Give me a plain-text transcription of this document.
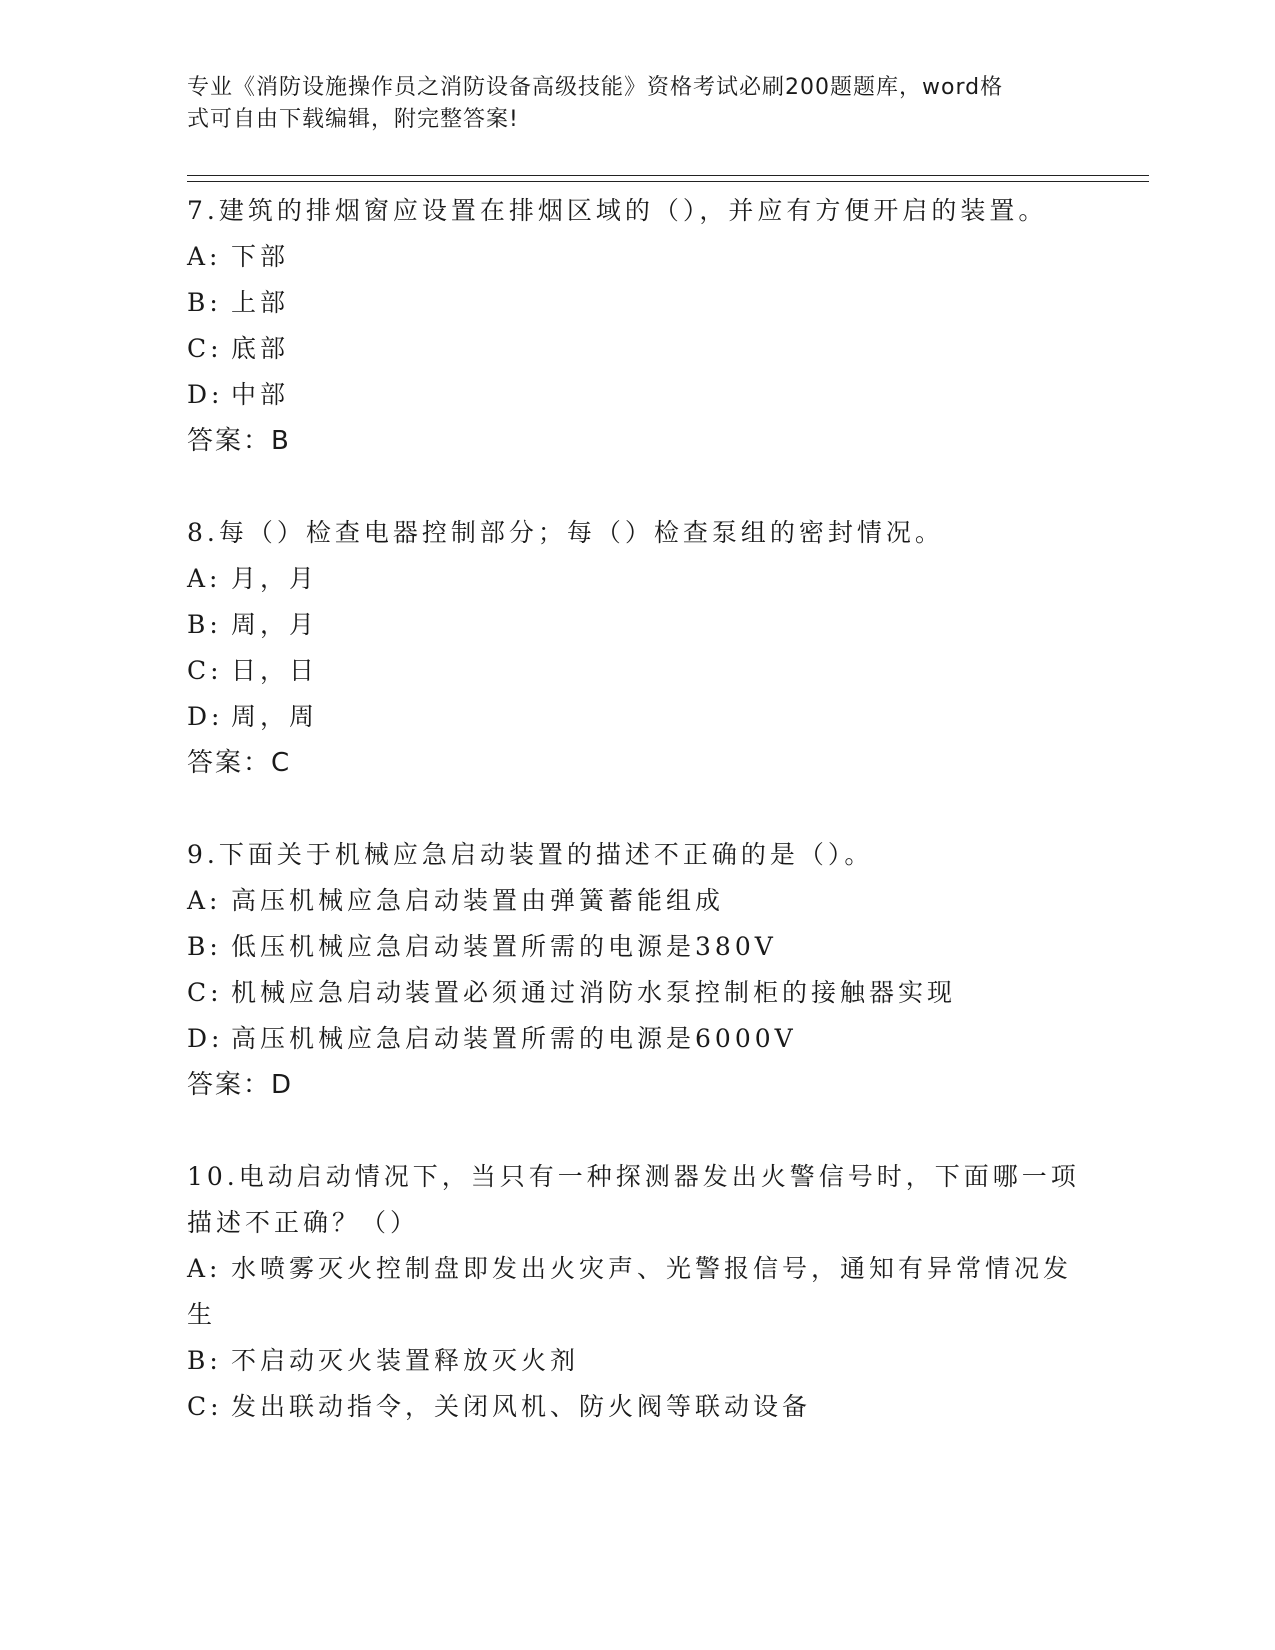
专业《消防设施操作员之消防设备高级技能》资格考试必刷200题题库，word格
式可自由下载编辑，附完整答案!
7.建筑的排烟窗应设置在排烟区域的（），并应有方便开启的装置。
A: 下部
B: 上部
C: 底部
D: 中部
答案：B
8.每（）检查电器控制部分；每（）检查泵组的密封情况。
A: 月，月
B: 周，月
C: 日，日
D: 周，周
答案：C
9.下面关于机械应急启动装置的描述不正确的是（）。
A: 高压机械应急启动装置由弹簧蓄能组成
B: 低压机械应急启动装置所需的电源是380V
C: 机械应急启动装置必须通过消防水泵控制柜的接触器实现
D: 高压机械应急启动装置所需的电源是6000V
答案：D
10.电动启动情况下，当只有一种探测器发出火警信号时，下面哪一项描述不正确？（）
A: 水喷雾灭火控制盘即发出火灾声、光警报信号，通知有异常情况发生
B: 不启动灭火装置释放灭火剂
C: 发出联动指令，关闭风机、防火阀等联动设备
